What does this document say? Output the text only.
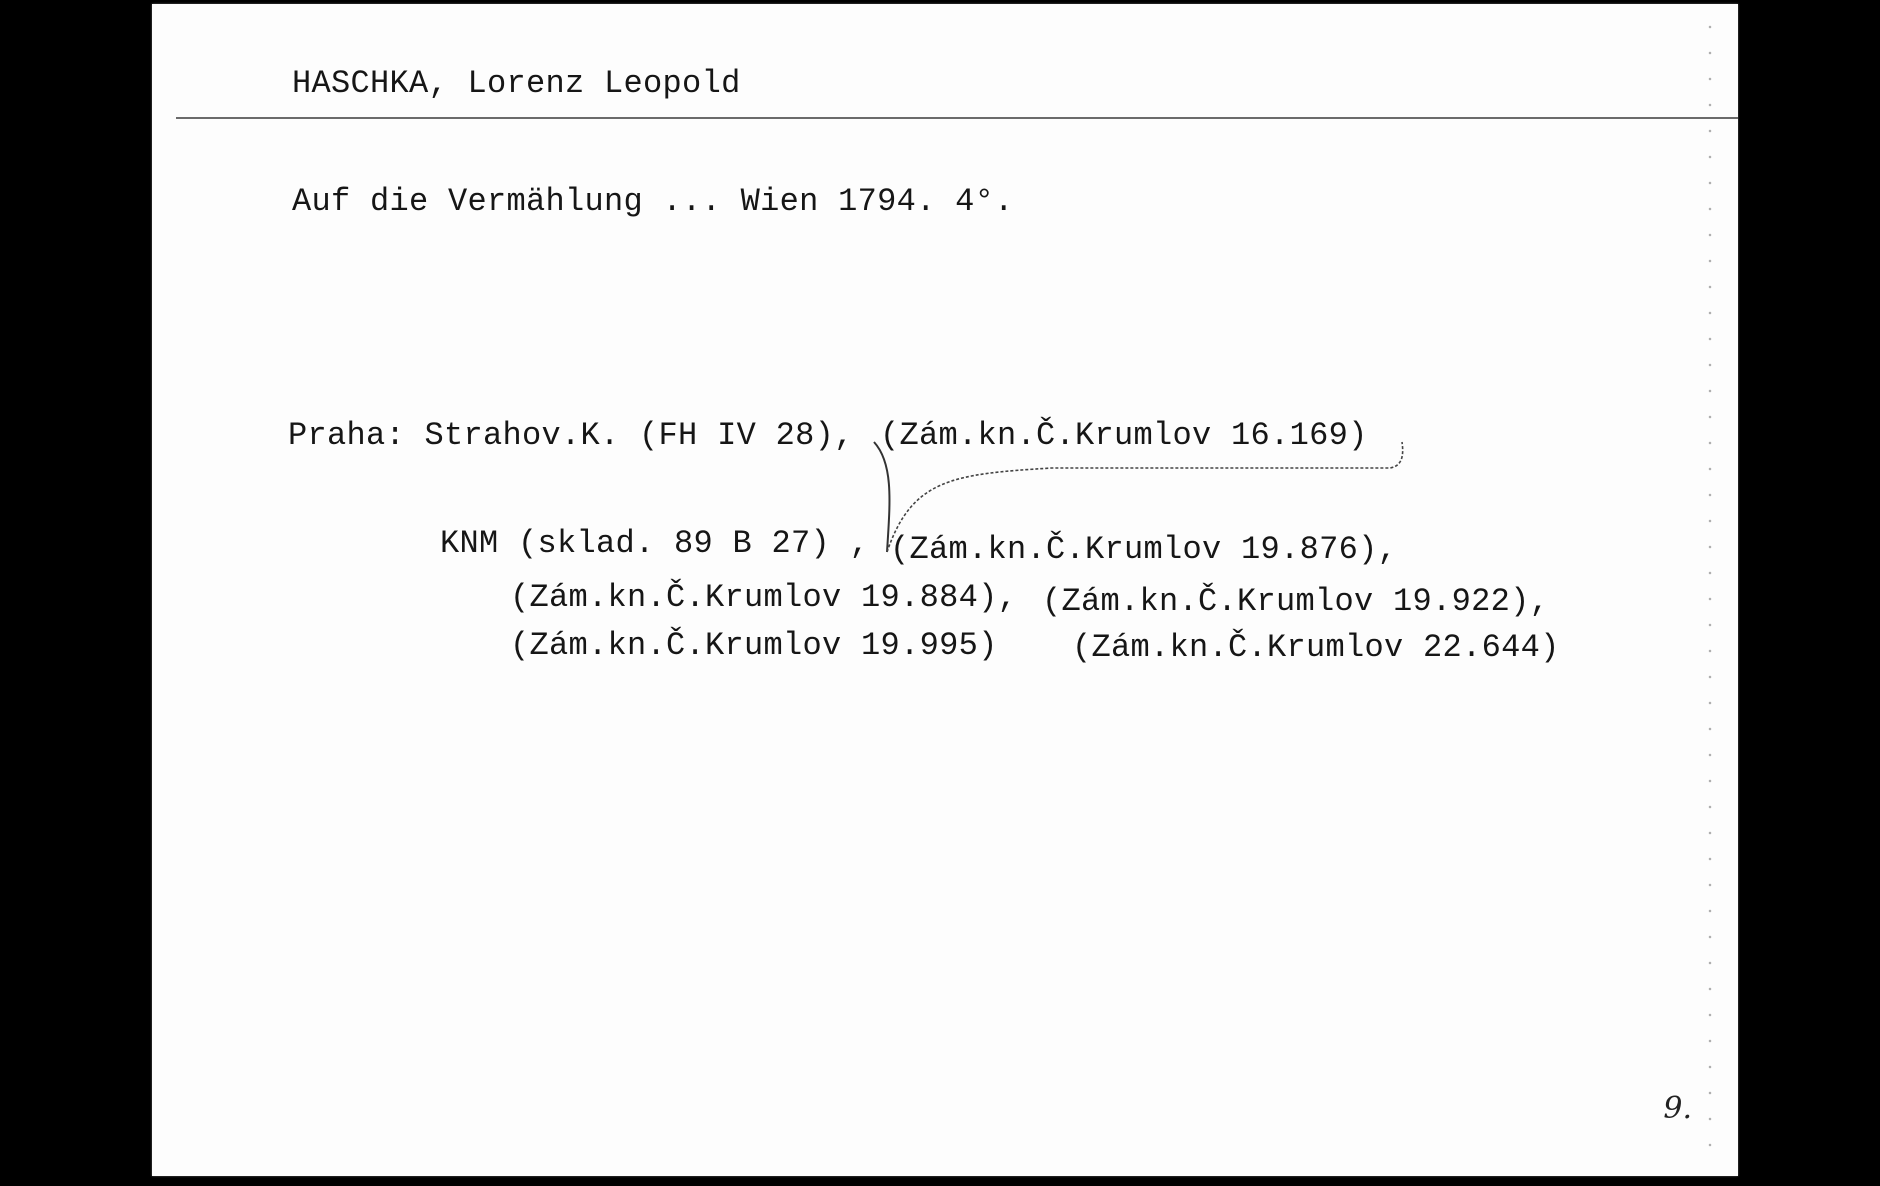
HASCHKA, Lorenz Leopold
Auf die Vermählung ... Wien 1794. 4°.
Praha: Strahov.K. (FH IV 28), (Zám.kn.Č.Krumlov 16.169)
KNM (sklad. 89 B 27) , (Zám.kn.Č.Krumlov 19.876),
(Zám.kn.Č.Krumlov 19.884), (Zám.kn.Č.Krumlov 19.922),
(Zám.kn.Č.Krumlov 19.995) (Zám.kn.Č.Krumlov 22.644)
9.
